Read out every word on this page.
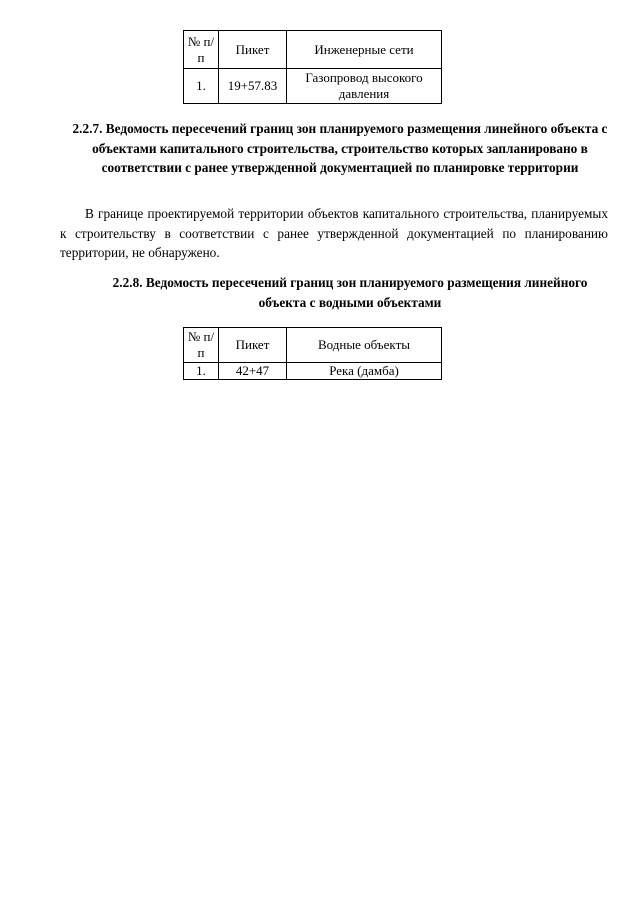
№ п/п	Пикет	Инженерные сети
1.	19+57.83	Газопровод высокого давления
2.2.7. Ведомость пересечений границ зон планируемого размещения линейного объекта с объектами капитального строительства, строительство которых запланировано в соответствии с ранее утвержденной документацией по планировке территории
В границе проектируемой территории объектов капитального строительства, планируемых к строительству в соответствии с ранее утвержденной документацией по планированию территории, не обнаружено.
2.2.8. Ведомость пересечений границ зон планируемого размещения линейного объекта с водными объектами
№ п/п	Пикет	Водные объекты
1.	42+47	Река (дамба)
